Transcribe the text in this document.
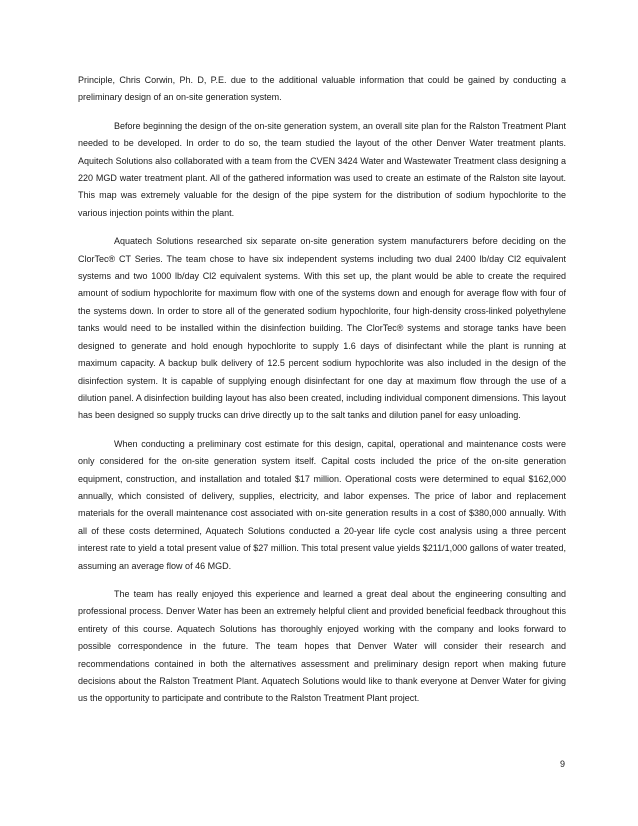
Principle, Chris Corwin, Ph. D, P.E. due to the additional valuable information that could be gained by conducting a preliminary design of an on-site generation system.

Before beginning the design of the on-site generation system, an overall site plan for the Ralston Treatment Plant needed to be developed. In order to do so, the team studied the layout of the other Denver Water treatment plants. Aquitech Solutions also collaborated with a team from the CVEN 3424 Water and Wastewater Treatment class designing a 220 MGD water treatment plant. All of the gathered information was used to create an estimate of the Ralston site layout. This map was extremely valuable for the design of the pipe system for the distribution of sodium hypochlorite to the various injection points within the plant.

Aquatech Solutions researched six separate on-site generation system manufacturers before deciding on the ClorTec® CT Series. The team chose to have six independent systems including two dual 2400 lb/day Cl2 equivalent systems and two 1000 lb/day Cl2 equivalent systems. With this set up, the plant would be able to create the required amount of sodium hypochlorite for maximum flow with one of the systems down and enough for average flow with four of the systems down. In order to store all of the generated sodium hypochlorite, four high-density cross-linked polyethylene tanks would need to be installed within the disinfection building. The ClorTec® systems and storage tanks have been designed to generate and hold enough hypochlorite to supply 1.6 days of disinfectant while the plant is running at maximum capacity. A backup bulk delivery of 12.5 percent sodium hypochlorite was also included in the design of the disinfection system. It is capable of supplying enough disinfectant for one day at maximum flow through the use of a dilution panel. A disinfection building layout has also been created, including individual component dimensions. This layout has been designed so supply trucks can drive directly up to the salt tanks and dilution panel for easy unloading.

When conducting a preliminary cost estimate for this design, capital, operational and maintenance costs were only considered for the on-site generation system itself. Capital costs included the price of the on-site generation equipment, construction, and installation and totaled $17 million. Operational costs were determined to equal $162,000 annually, which consisted of delivery, supplies, electricity, and labor expenses. The price of labor and replacement materials for the overall maintenance cost associated with on-site generation results in a cost of $380,000 annually. With all of these costs determined, Aquatech Solutions conducted a 20-year life cycle cost analysis using a three percent interest rate to yield a total present value of $27 million. This total present value yields $211/1,000 gallons of water treated, assuming an average flow of 46 MGD.

The team has really enjoyed this experience and learned a great deal about the engineering consulting and professional process. Denver Water has been an extremely helpful client and provided beneficial feedback throughout this entirety of this course. Aquatech Solutions has thoroughly enjoyed working with the company and looks forward to possible correspondence in the future. The team hopes that Denver Water will consider their research and recommendations contained in both the alternatives assessment and preliminary design report when making future decisions about the Ralston Treatment Plant. Aquatech Solutions would like to thank everyone at Denver Water for giving us the opportunity to participate and contribute to the Ralston Treatment Plant project.

9
